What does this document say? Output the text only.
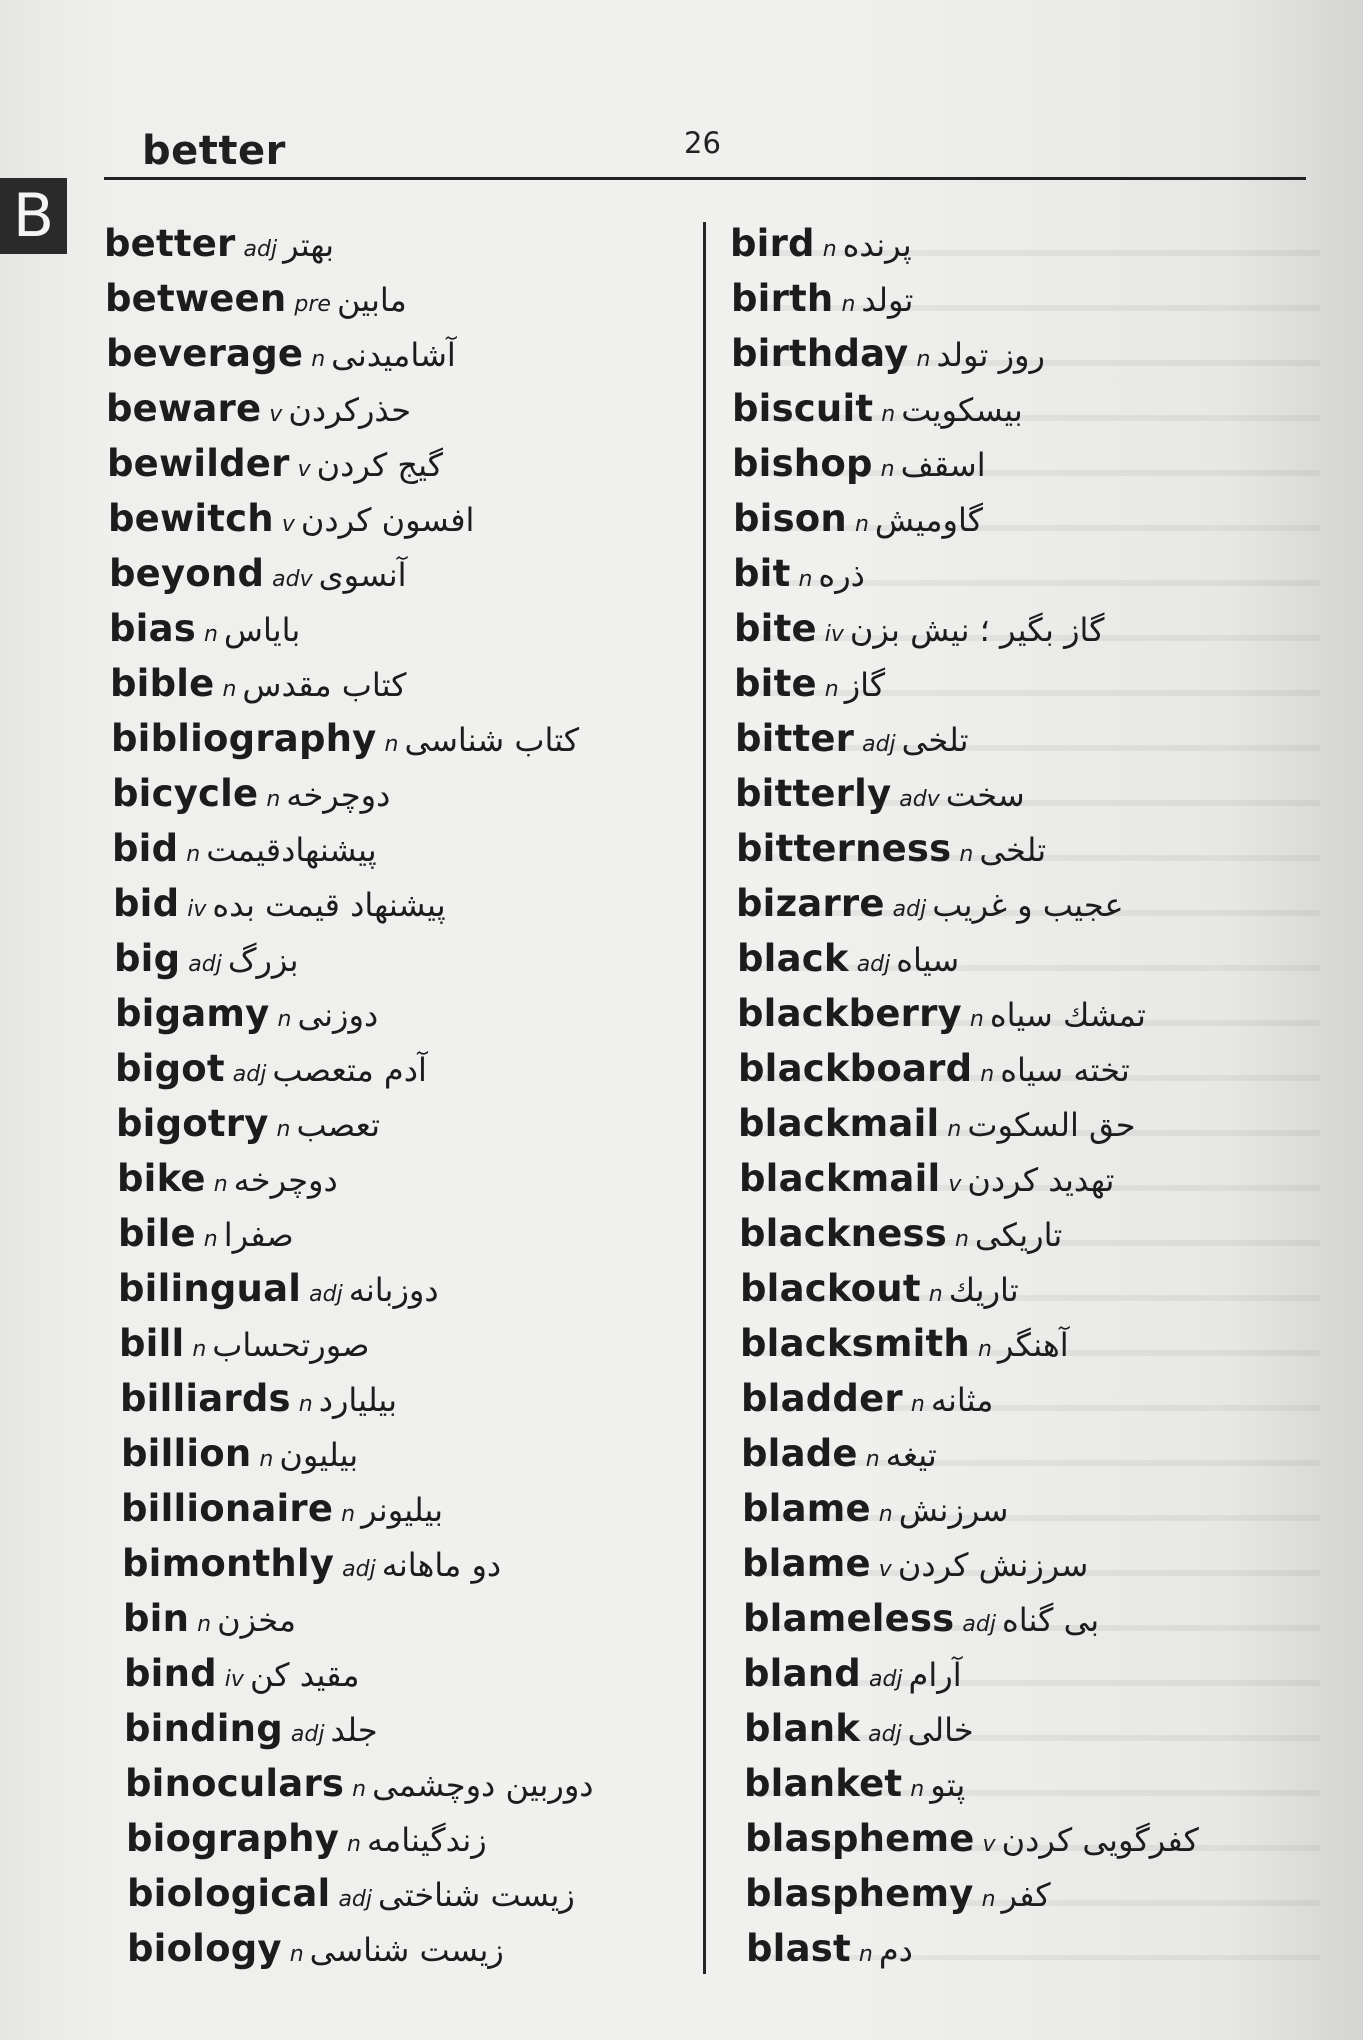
better	26
B	better adj بهتر
between pre مابین
beverage n آشامیدنی
beware v حذرکردن
bewilder v گیج کردن
bewitch v افسون کردن
beyond adv آنسوی
bias n بایاس
bible n کتاب مقدس
bibliography n کتاب شناسی
bicycle n دوچرخه
bid n پیشنهادقیمت
bid iv پیشنهاد قیمت بده
big adj بزرگ
bigamy n دوزنی
bigot adj آدم متعصب
bigotry n تعصب
bike n دوچرخه
bile n صفرا
bilingual adj دوزبانه
bill n صورتحساب
billiards n بیلیارد
billion n بیلیون
billionaire n بیلیونر
bimonthly adj دو ماهانه
bin n مخزن
bind iv مقید کن
binding adj جلد
binoculars n دوربین دوچشمی
biography n زندگینامه
biological adj زیست شناختی
biology n زیست شناسی
bird n پرنده
birth n تولد
birthday n روز تولد
biscuit n بیسکویت
bishop n اسقف
bison n گاومیش
bit n ذره
bite iv گاز بگیر ؛ نیش بزن
bite n گاز
bitter adj تلخی
bitterly adv سخت
bitterness n تلخی
bizarre adj عجیب و غریب
black adj سیاه
blackberry n تمشك سیاه
blackboard n تخته سیاه
blackmail n حق السکوت
blackmail v تهدید کردن
blackness n تاریکی
blackout n تاریك
blacksmith n آهنگر
bladder n مثانه
blade n تیغه
blame n سرزنش
blame v سرزنش کردن
blameless adj بی گناه
bland adj آرام
blank adj خالی
blanket n پتو
blaspheme v کفرگویی کردن
blasphemy n کفر
blast n دم
